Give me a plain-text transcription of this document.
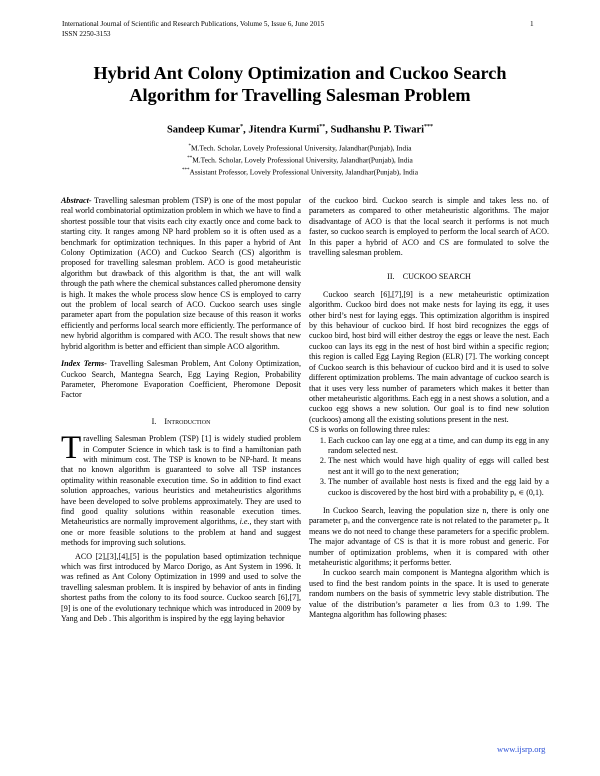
International Journal of Scientific and Research Publications, Volume 5, Issue 6, June 2015
ISSN 2250-3153
1
Hybrid Ant Colony Optimization and Cuckoo Search
Algorithm for Travelling Salesman Problem
Sandeep Kumar*, Jitendra Kurmi**, Sudhanshu P. Tiwari***
*M.Tech. Scholar, Lovely Professional University, Jalandhar(Punjab), India
**M.Tech. Scholar, Lovely Professional University, Jalandhar(Punjab), India
***Assistant Professor, Lovely Professional University, Jalandhar(Punjab), India

Abstract- Travelling salesman problem (TSP) is one of the most popular real world combinatorial optimization problem in which we have to find a shortest possible tour that visits each city exactly once and come back to starting city. It ranges among NP hard problem so it is often used as a benchmark for optimization techniques. In this paper a hybrid of Ant Colony Optimization (ACO) and Cuckoo Search (CS) algorithm is proposed for travelling salesman problem. ACO is good metaheuristic algorithm but drawback of this algorithm is that, the ant will walk through the path where the chemical substances called pheromone density is high. It makes the whole process slow hence CS is employed to carry out the problem of local search of ACO. Cuckoo search uses single parameter apart from the population size because of this reason it works efficiently and performs local search more efficiently. The performance of new hybrid algorithm is compared with ACO. The result shows that new hybrid algorithm is better and efficient than simple ACO algorithm.

Index Terms- Travelling Salesman Problem, Ant Colony Optimization, Cuckoo Search, Mantegna Search, Egg Laying Region, Probability Parameter, Pheromone Evaporation Coefficient, Pheromone Deposit Factor

I. Introduction

Travelling Salesman Problem (TSP) [1] is widely studied problem in Computer Science in which task is to find a hamiltonian path with minimum cost. The TSP is known to be NP-hard. It means that no known algorithm is guaranteed to solve all TSP instances optimality within reasonable execution time. So in addition to find exact solution approaches, various heuristics and metaheuristics algorithms have been developed to solve problems approximately. They are used to find good quality solutions within reasonable execution times. Metaheuristics are normally improvement algorithms, i.e., they start with one or more feasible solutions to the problem at hand and suggest methods for improving such solutions.

ACO [2],[3],[4],[5] is the population based optimization technique which was first introduced by Marco Dorigo, as Ant System in 1996. It was refined as Ant Colony Optimization in 1999 and used to solve the travelling salesman problem. It is inspired by behavior of ants in finding shortest paths from the colony to its food source. Cuckoo search [6],[7],[9] is one of the evolutionary technique which was introduced in 2009 by Yang and Deb . This algorithm is inspired by the egg laying behavior

of the cuckoo bird. Cuckoo search is simple and takes less no. of parameters as compared to other metaheuristic algorithms. The major disadvantage of ACO is that the local search it performs is not much faster, so cuckoo search is employed to perform the local search of ACO. In this paper a hybrid of ACO and CS are formulated to solve the travelling salesman problem.

II. CUCKOO SEARCH

Cuckoo search [6],[7],[9] is a new metaheuristic optimization algorithm. Cuckoo bird does not make nests for laying its egg, it uses other bird’s nest for laying eggs. This optimization algorithm is inspired by this behaviour of cuckoo bird. If host bird recognizes the eggs of cuckoo bird, host bird will either destroy the eggs or leave the nest. Each cuckoo can lays its egg in the nest of host bird within a specific region; this region is called Egg Laying Region (ELR) [7]. The working concept of Cuckoo search is this behaviour of cuckoo bird and it is used to solve different optimization problems. The main advantage of cuckoo search is that it uses very less number of parameters which makes it better than other metaheuristic algorithms. Each egg in a nest shows a solution, and a cuckoo egg shows a new solution. Our goal is to find new solution (cuckoos) among all the existing solutions present in the nest.

CS is works on following three rules:

1. Each cuckoo can lay one egg at a time, and can dump its egg in any random selected nest.
2. The nest which would have high quality of eggs will called best nest ant it will go to the next generation;
3. The number of available host nests is fixed and the egg laid by a cuckoo is discovered by the host bird with a probability pₐ ∊ (0,1).

In Cuckoo Search, leaving the population size n, there is only one parameter pₐ and the convergence rate is not related to the parameter pₐ. It means we do not need to change these parameters for a specific problem. The major advantage of CS is that it is more robust and generic. For number of optimization problems, when it is compared with other metaheuristic algorithms; it performs better.

In cuckoo search main component is Mantegna algorithm which is used to find the best random points in the space. It is used to generate random numbers on the basis of symmetric levy stable distribution. The value of the distribution’s parameter α lies from 0.3 to 1.99. The Mantegna algorithm has following phases:

www.ijsrp.org
